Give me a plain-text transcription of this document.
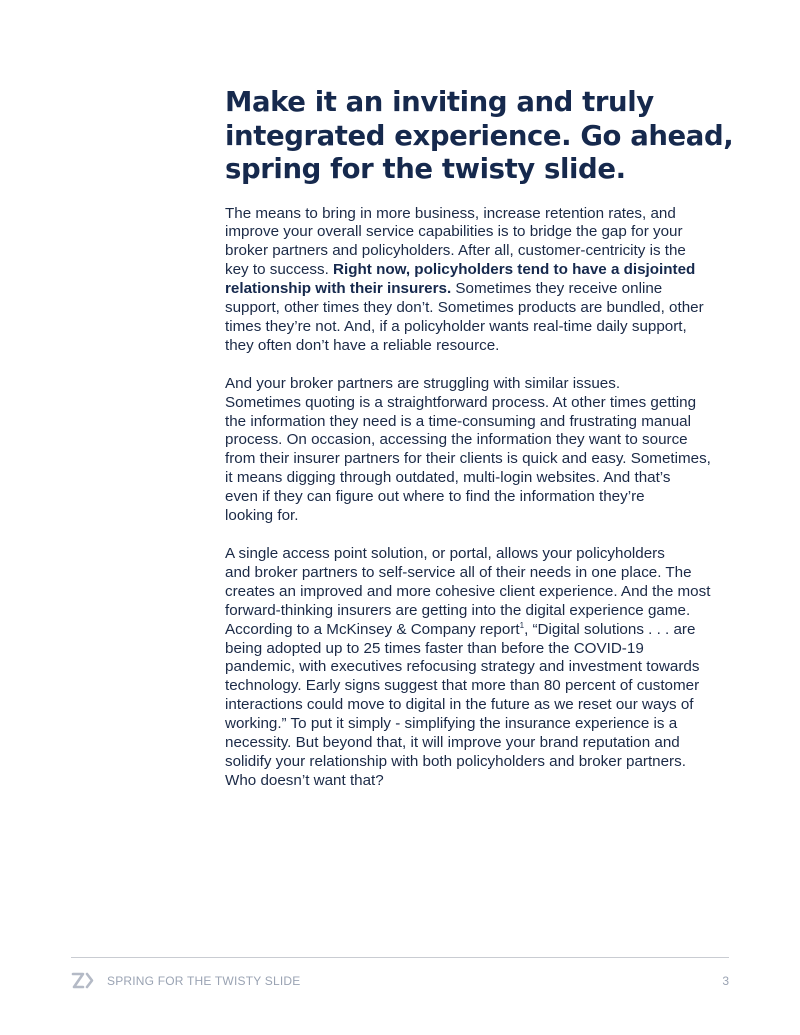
Make it an inviting and truly
integrated experience. Go ahead,
spring for the twisty slide.

The means to bring in more business, increase retention rates, and
improve your overall service capabilities is to bridge the gap for your
broker partners and policyholders. After all, customer-centricity is the
key to success. Right now, policyholders tend to have a disjointed
relationship with their insurers. Sometimes they receive online
support, other times they don’t. Sometimes products are bundled, other
times they’re not. And, if a policyholder wants real-time daily support,
they often don’t have a reliable resource.

And your broker partners are struggling with similar issues.
Sometimes quoting is a straightforward process. At other times getting
the information they need is a time-consuming and frustrating manual
process. On occasion, accessing the information they want to source
from their insurer partners for their clients is quick and easy. Sometimes,
it means digging through outdated, multi-login websites. And that’s
even if they can figure out where to find the information they’re
looking for.

A single access point solution, or portal, allows your policyholders
and broker partners to self-service all of their needs in one place. The
creates an improved and more cohesive client experience. And the most
forward-thinking insurers are getting into the digital experience game.
According to a McKinsey & Company report$^1$, “Digital solutions . . . are
being adopted up to 25 times faster than before the COVID-19
pandemic, with executives refocusing strategy and investment towards
technology. Early signs suggest that more than 80 percent of customer
interactions could move to digital in the future as we reset our ways of
working.” To put it simply - simplifying the insurance experience is a
necessity. But beyond that, it will improve your brand reputation and
solidify your relationship with both policyholders and broker partners.
Who doesn’t want that?

SPRING FOR THE TWISTY SLIDE	3
